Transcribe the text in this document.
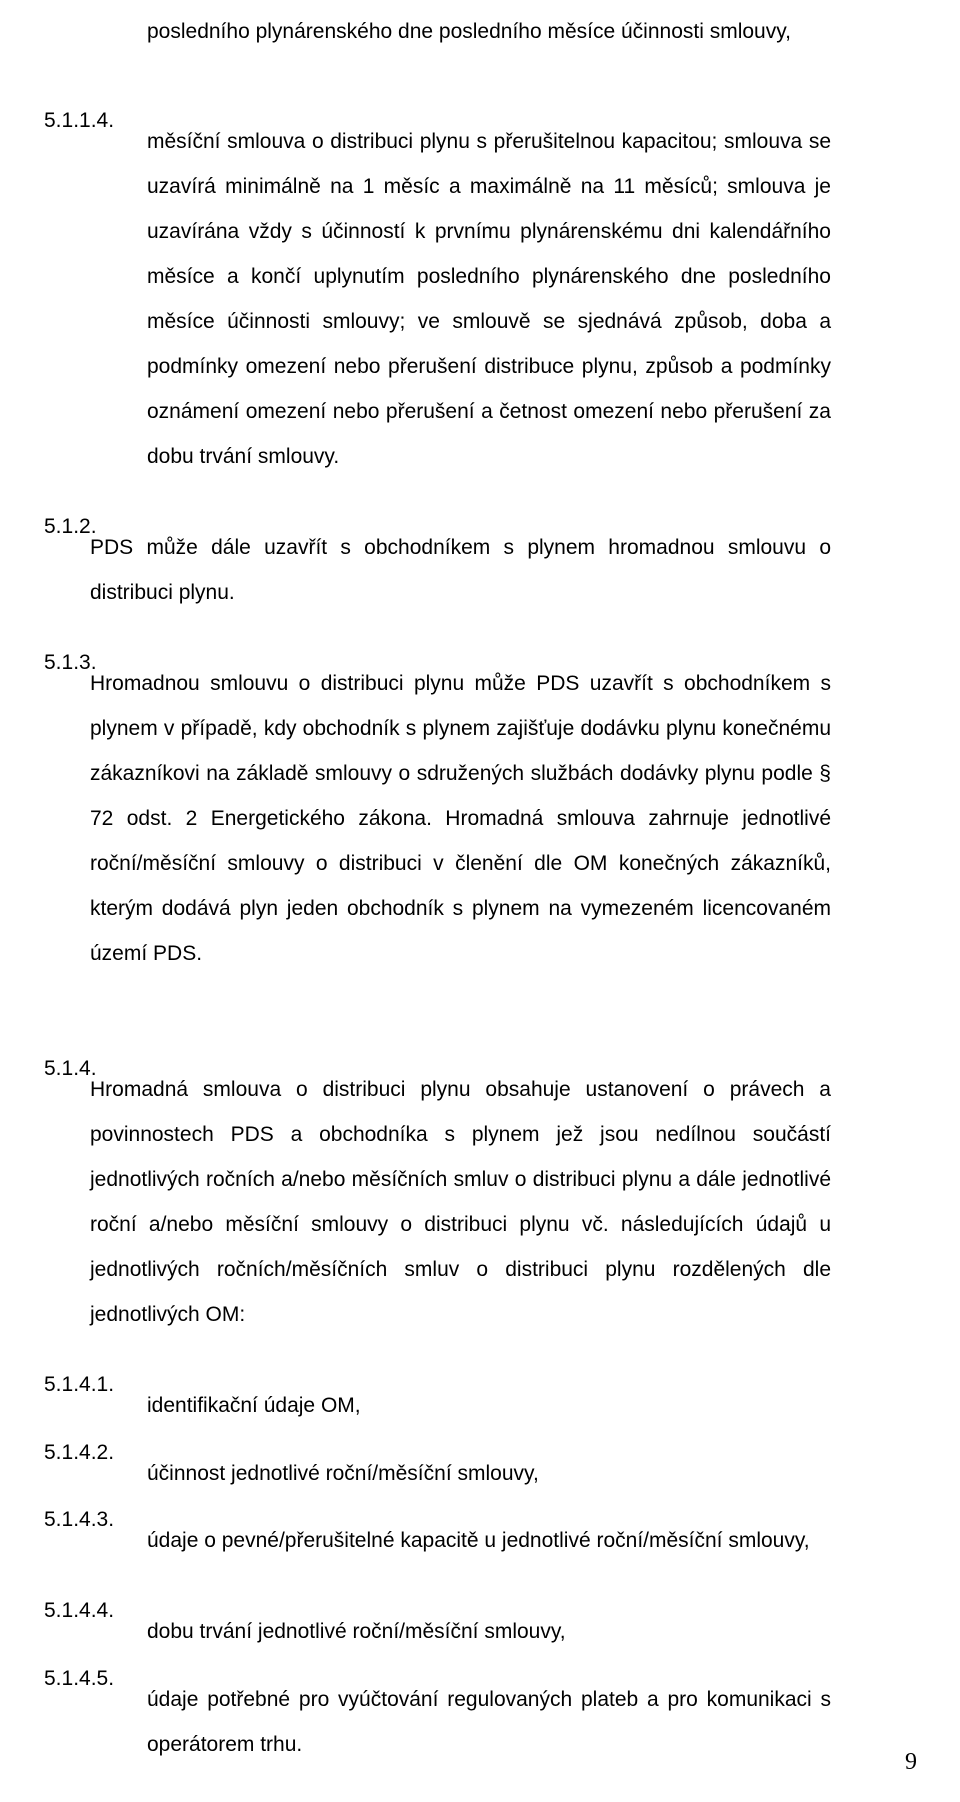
posledního plynárenského dne posledního měsíce účinnosti smlouvy,

5.1.1.4.

měsíční smlouva o distribuci plynu s přerušitelnou kapacitou; smlouva se uzavírá minimálně na 1 měsíc a maximálně na 11 měsíců; smlouva je uzavírána vždy s účinností k prvnímu plynárenskému dni kalendářního měsíce a končí uplynutím posledního plynárenského dne posledního měsíce účinnosti smlouvy; ve smlouvě se sjednává způsob, doba a podmínky omezení nebo přerušení distribuce plynu, způsob a podmínky oznámení omezení nebo přerušení a četnost omezení nebo přerušení za dobu trvání smlouvy.

5.1.2.

PDS může dále uzavřít s obchodníkem s plynem hromadnou smlouvu o distribuci plynu.

5.1.3.

Hromadnou smlouvu o distribuci plynu může PDS uzavřít s obchodníkem s plynem v případě, kdy obchodník s plynem zajišťuje dodávku plynu konečnému zákazníkovi na základě smlouvy o sdružených službách dodávky plynu podle § 72 odst. 2 Energetického zákona. Hromadná smlouva zahrnuje jednotlivé roční/měsíční smlouvy o distribuci v členění dle OM konečných zákazníků, kterým dodává plyn jeden obchodník s plynem na vymezeném licencovaném území PDS.

5.1.4.

Hromadná smlouva o distribuci plynu obsahuje ustanovení o právech a povinnostech PDS a obchodníka s plynem jež jsou nedílnou součástí jednotlivých ročních a/nebo měsíčních smluv o distribuci plynu a dále jednotlivé roční a/nebo měsíční smlouvy o distribuci plynu vč. následujících údajů u jednotlivých ročních/měsíčních smluv o distribuci plynu rozdělených dle jednotlivých OM:

5.1.4.1.

identifikační údaje OM,

5.1.4.2.

účinnost jednotlivé roční/měsíční smlouvy,

5.1.4.3.

údaje o pevné/přerušitelné kapacitě u jednotlivé roční/měsíční smlouvy,

5.1.4.4.

dobu trvání jednotlivé roční/měsíční smlouvy,

5.1.4.5.

údaje potřebné pro vyúčtování regulovaných plateb a pro komunikaci s operátorem trhu.

9
